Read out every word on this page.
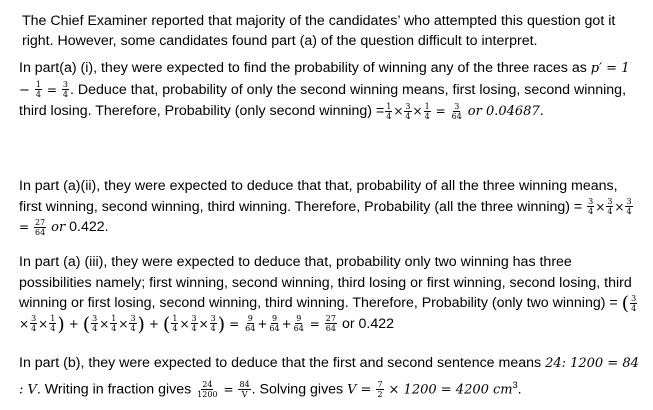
The Chief Examiner reported that majority of the candidates’ who attempted this question got it right. However, some candidates found part (a) of the question difficult to interpret.

In part(a) (i), they were expected to find the probability of winning any of the three races as $p' = 1 - \frac{1}{4} = \frac{3}{4}$ . Deduce that, probability of only the second winning means, first losing, second winning, third losing. Therefore, Probability (only second winning) = $\frac{1}{4} \times \frac{3}{4} \times \frac{1}{4} = \frac{3}{64}$ or 0.04687.

In part (a)(ii), they were expected to deduce that that, probability of all the three winning means, first winning, second winning, third winning. Therefore, Probability (all the three winning) = $\frac{3}{4} \times \frac{3}{4} \times \frac{3}{4}$
= $\frac{27}{64}$ or 0.422.

In part (a) (iii), they were expected to deduce that, probability only two winning has three possibilities namely; first winning, second winning, third losing or first winning, second losing, third winning or first losing, second winning, third winning. Therefore, Probability (only two winning) = ( $\frac{3}{4}$
× $\frac{3}{4} \times \frac{1}{4}$ ) + ( $\frac{3}{4} \times \frac{1}{4} \times \frac{3}{4}$ ) + ( $\frac{1}{4} \times \frac{3}{4} \times \frac{3}{4}$ ) = $\frac{9}{64} + \frac{9}{64} + \frac{9}{64} = \frac{27}{64}$ or 0.422

In part (b), they were expected to deduce that the first and second sentence means 24: 1200 = 84 : V. Writing in fraction gives $\frac{24}{1200} = \frac{84}{V}$ . Solving gives $V = \frac{7}{2} \times 1200 = 4200$ $cm^3$.
